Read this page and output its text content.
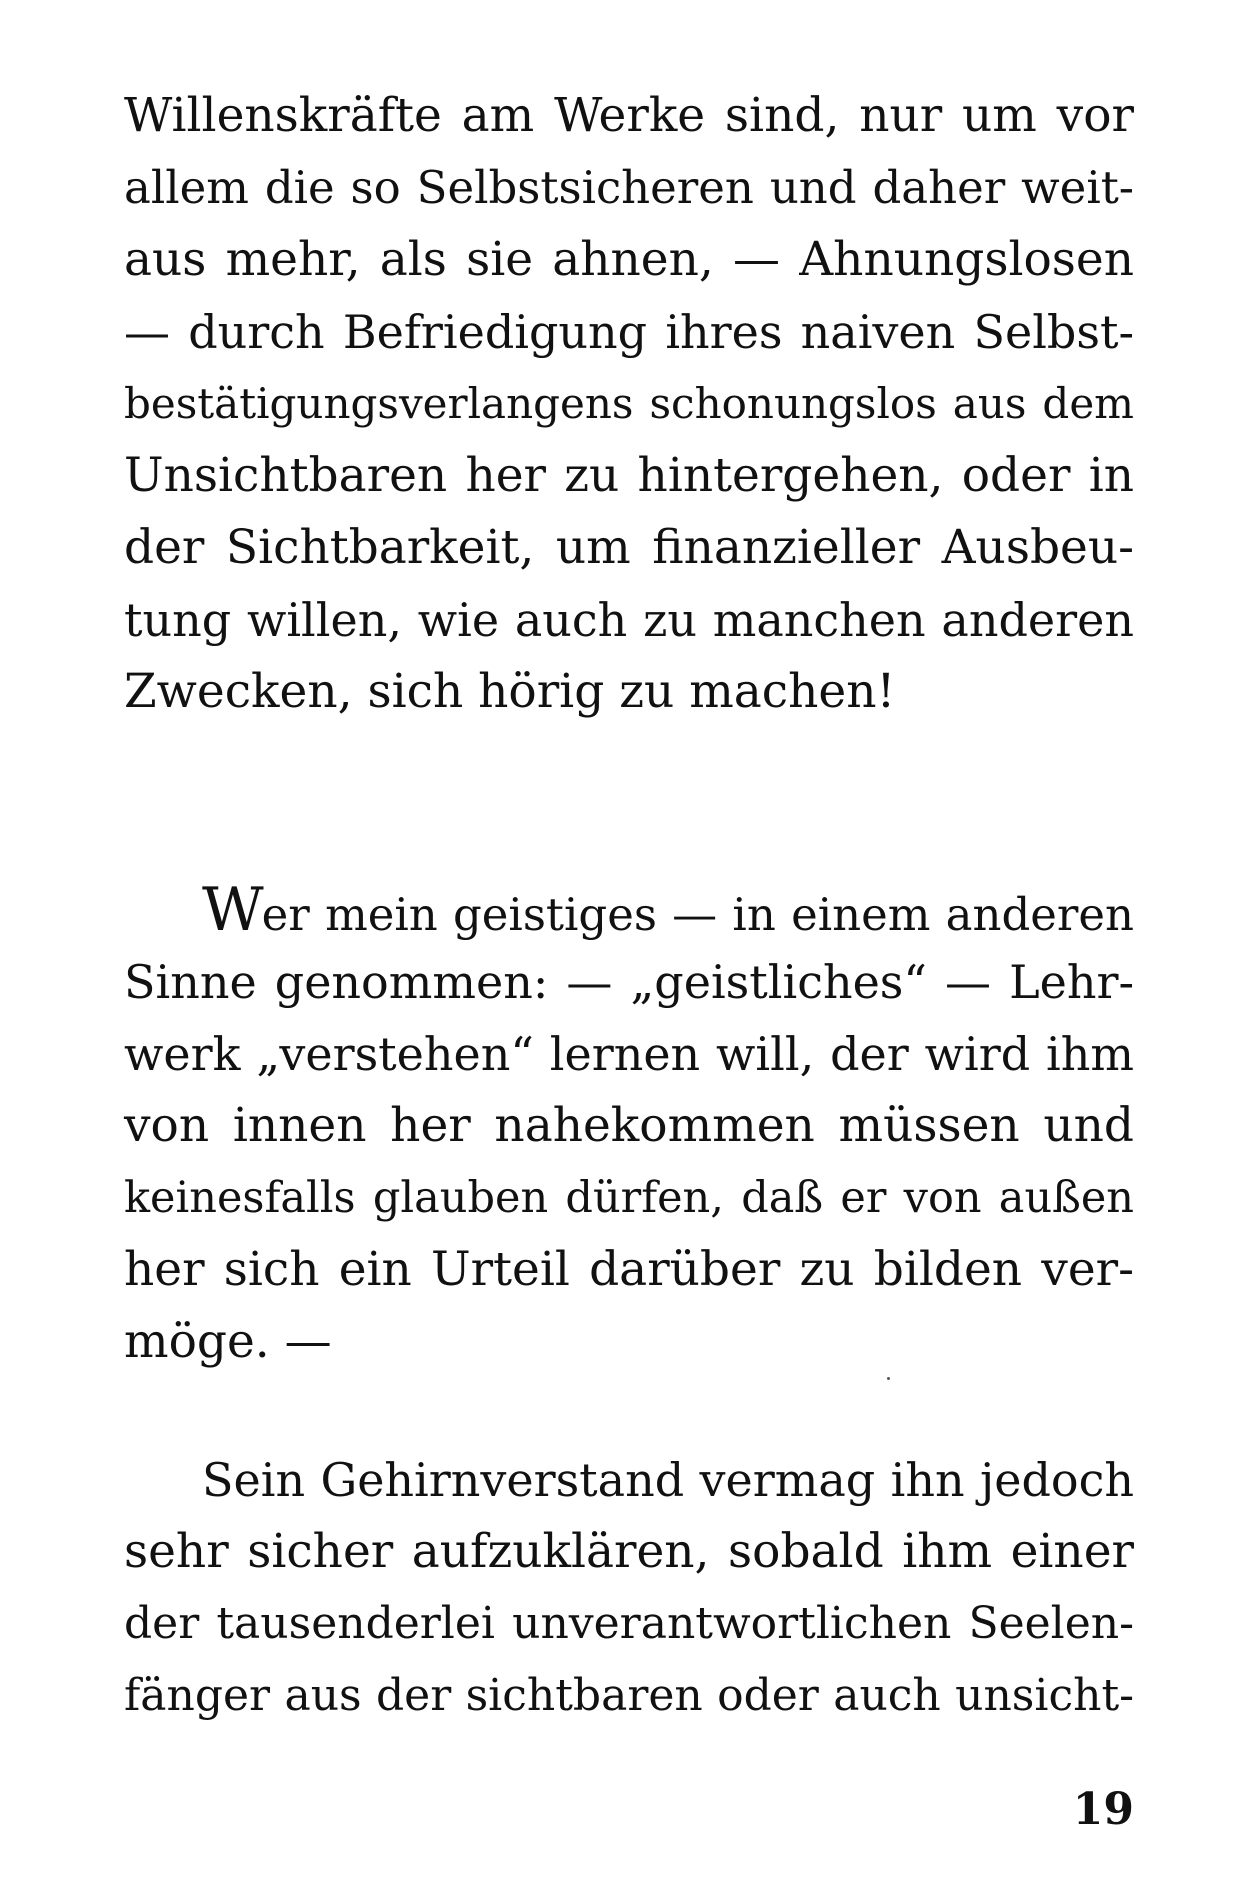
Willenskräfte am Werke sind, nur um vor
allem die so Selbstsicheren und daher weit-
aus mehr, als sie ahnen, — Ahnungslosen
— durch Befriedigung ihres naiven Selbst-
bestätigungsverlangens schonungslos aus dem
Unsichtbaren her zu hintergehen, oder in
der Sichtbarkeit, um finanzieller Ausbeu-
tung willen, wie auch zu manchen anderen
Zwecken, sich hörig zu machen!
Wer mein geistiges — in einem anderen
Sinne genommen: — „geistliches“ — Lehr-
werk „verstehen“ lernen will, der wird ihm
von innen her nahekommen müssen und
keinesfalls glauben dürfen, daß er von außen
her sich ein Urteil darüber zu bilden ver-
möge. —
Sein Gehirnverstand vermag ihn jedoch
sehr sicher aufzuklären, sobald ihm einer
der tausenderlei unverantwortlichen Seelen-
fänger aus der sichtbaren oder auch unsicht-
19
